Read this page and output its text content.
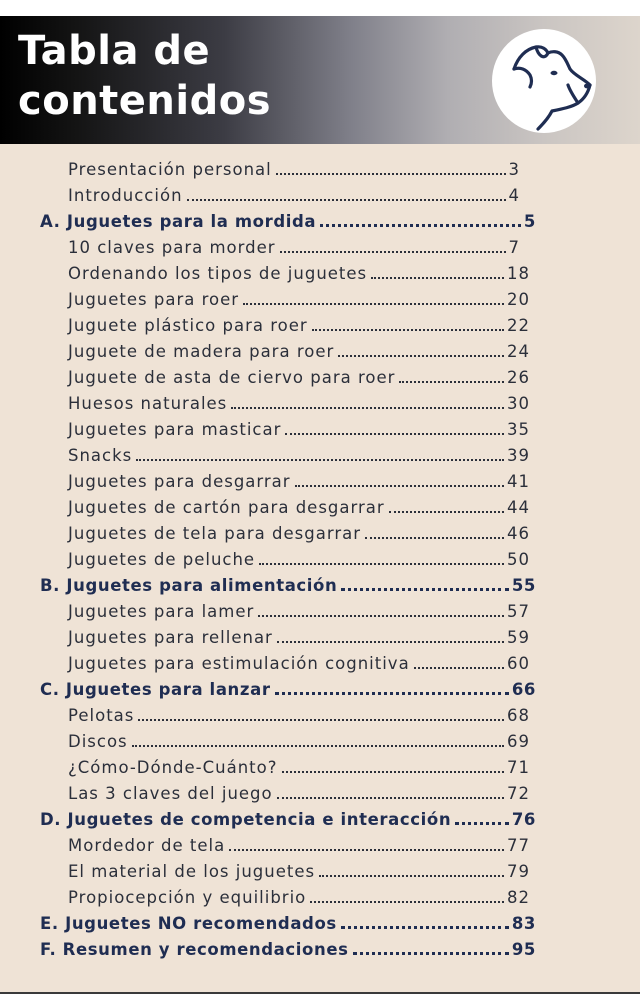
Tabla de
contenidos
Presentación personal	3
Introducción	4
A. Juguetes para la mordida	5
10 claves para morder	7
Ordenando los tipos de juguetes	18
Juguetes para roer	20
Juguete plástico para roer	22
Juguete de madera para roer	24
Juguete de asta de ciervo para roer	26
Huesos naturales	30
Juguetes para masticar	35
Snacks	39
Juguetes para desgarrar	41
Juguetes de cartón para desgarrar	44
Juguetes de tela para desgarrar	46
Juguetes de peluche	50
B. Juguetes para alimentación	55
Juguetes para lamer	57
Juguetes para rellenar	59
Juguetes para estimulación cognitiva	60
C. Juguetes para lanzar	66
Pelotas	68
Discos	69
¿Cómo-Dónde-Cuánto?	71
Las 3 claves del juego	72
D. Juguetes de competencia e interacción	76
Mordedor de tela	77
El material de los juguetes	79
Propiocepción y equilibrio	82
E. Juguetes NO recomendados	83
F. Resumen y recomendaciones	95
